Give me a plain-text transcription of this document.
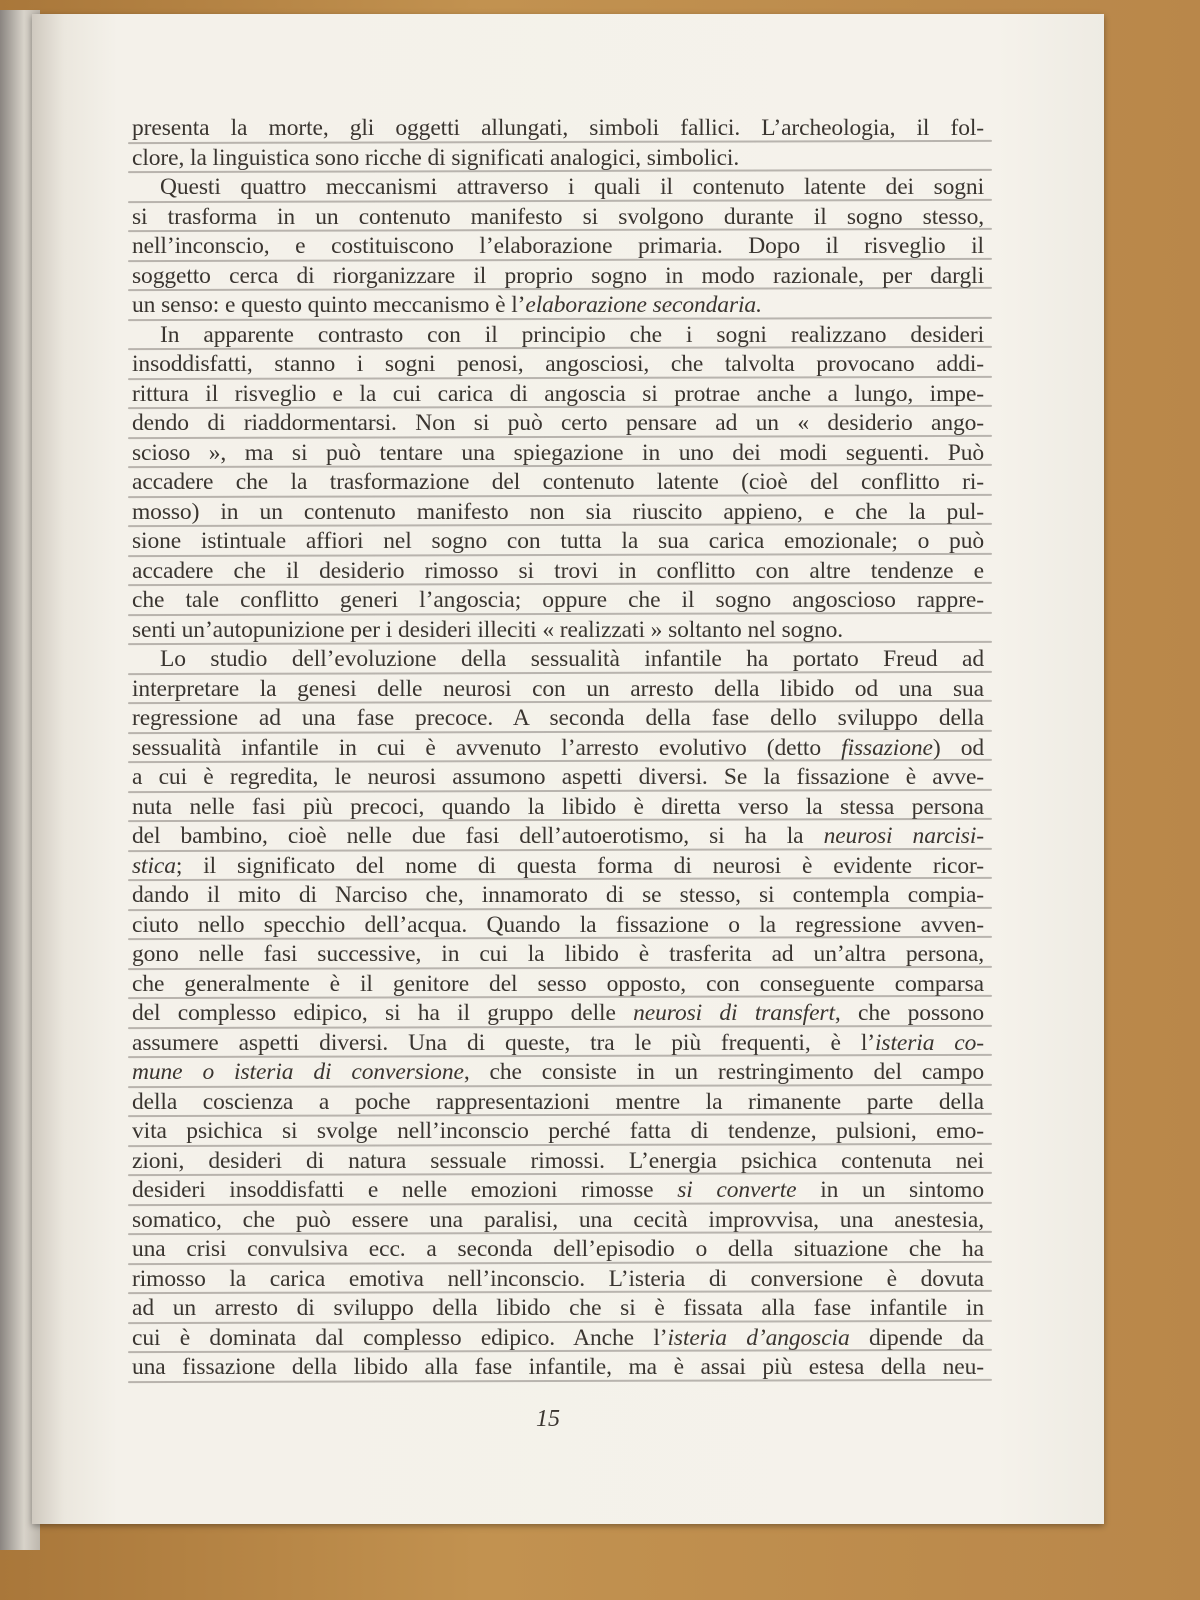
presenta la morte, gli oggetti allungati, simboli fallici. L’archeologia, il fol-
clore, la linguistica sono ricche di significati analogici, simbolici.
Questi quattro meccanismi attraverso i quali il contenuto latente dei sogni
si trasforma in un contenuto manifesto si svolgono durante il sogno stesso,
nell’inconscio, e costituiscono l’elaborazione primaria. Dopo il risveglio il
soggetto cerca di riorganizzare il proprio sogno in modo razionale, per dargli
un senso: e questo quinto meccanismo è l’elaborazione secondaria.
In apparente contrasto con il principio che i sogni realizzano desideri
insoddisfatti, stanno i sogni penosi, angosciosi, che talvolta provocano addi-
rittura il risveglio e la cui carica di angoscia si protrae anche a lungo, impe-
dendo di riaddormentarsi. Non si può certo pensare ad un « desiderio ango-
scioso », ma si può tentare una spiegazione in uno dei modi seguenti. Può
accadere che la trasformazione del contenuto latente (cioè del conflitto ri-
mosso) in un contenuto manifesto non sia riuscito appieno, e che la pul-
sione istintuale affiori nel sogno con tutta la sua carica emozionale; o può
accadere che il desiderio rimosso si trovi in conflitto con altre tendenze e
che tale conflitto generi l’angoscia; oppure che il sogno angoscioso rappre-
senti un’autopunizione per i desideri illeciti « realizzati » soltanto nel sogno.
Lo studio dell’evoluzione della sessualità infantile ha portato Freud ad
interpretare la genesi delle neurosi con un arresto della libido od una sua
regressione ad una fase precoce. A seconda della fase dello sviluppo della
sessualità infantile in cui è avvenuto l’arresto evolutivo (detto fissazione) od
a cui è regredita, le neurosi assumono aspetti diversi. Se la fissazione è avve-
nuta nelle fasi più precoci, quando la libido è diretta verso la stessa persona
del bambino, cioè nelle due fasi dell’autoerotismo, si ha la neurosi narcisi-
stica; il significato del nome di questa forma di neurosi è evidente ricor-
dando il mito di Narciso che, innamorato di se stesso, si contempla compia-
ciuto nello specchio dell’acqua. Quando la fissazione o la regressione avven-
gono nelle fasi successive, in cui la libido è trasferita ad un’altra persona,
che generalmente è il genitore del sesso opposto, con conseguente comparsa
del complesso edipico, si ha il gruppo delle neurosi di transfert, che possono
assumere aspetti diversi. Una di queste, tra le più frequenti, è l’isteria co-
mune o isteria di conversione, che consiste in un restringimento del campo
della coscienza a poche rappresentazioni mentre la rimanente parte della
vita psichica si svolge nell’inconscio perché fatta di tendenze, pulsioni, emo-
zioni, desideri di natura sessuale rimossi. L’energia psichica contenuta nei
desideri insoddisfatti e nelle emozioni rimosse si converte in un sintomo
somatico, che può essere una paralisi, una cecità improvvisa, una anestesia,
una crisi convulsiva ecc. a seconda dell’episodio o della situazione che ha
rimosso la carica emotiva nell’inconscio. L’isteria di conversione è dovuta
ad un arresto di sviluppo della libido che si è fissata alla fase infantile in
cui è dominata dal complesso edipico. Anche l’isteria d’angoscia dipende da
una fissazione della libido alla fase infantile, ma è assai più estesa della neu-
15
